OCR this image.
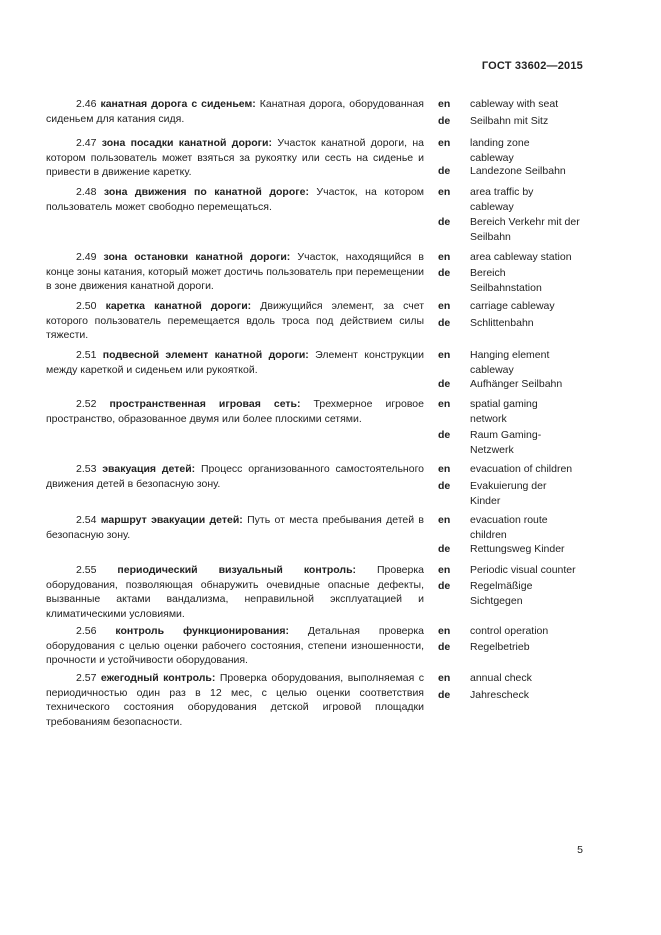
ГОСТ 33602—2015
2.46 канатная дорога с сиденьем: Канатная дорога, оборудованная сиденьем для катания сидя.
en	cableway with seat
de	Seilbahn mit Sitz
2.47 зона посадки канатной дороги: Участок канатной дороги, на котором пользователь может взяться за рукоятку или сесть на сиденье и привести в движение каретку.
en	landing zone cableway
de	Landezone Seilbahn
2.48 зона движения по канатной дороге: Участок, на котором пользователь может свободно перемещаться.
en	area traffic by cableway
de	Bereich Verkehr mit der Seilbahn
2.49 зона остановки канатной дороги: Участок, находящийся в конце зоны катания, который может достичь пользователь при перемещении в зоне движения канатной дороги.
en	area cableway station
de	Bereich Seilbahnstation
2.50 каретка канатной дороги: Движущийся элемент, за счет которого пользователь перемещается вдоль троса под действием силы тяжести.
en	carriage cableway
de	Schlittenbahn
2.51 подвесной элемент канатной дороги: Элемент конструкции между кареткой и сиденьем или рукояткой.
en	Hanging element cableway
de	Aufhänger Seilbahn
2.52 пространственная игровая сеть: Трехмерное игровое пространство, образованное двумя или более плоскими сетями.
en	spatial gaming network
de	Raum Gaming-Netzwerk
2.53 эвакуация детей: Процесс организованного самостоятельного движения детей в безопасную зону.
en	evacuation of children
de	Evakuierung der Kinder
2.54 маршрут эвакуации детей: Путь от места пребывания детей в безопасную зону.
en	evacuation route children
de	Rettungsweg Kinder
2.55 периодический визуальный контроль: Проверка оборудования, позволяющая обнаружить очевидные опасные дефекты, вызванные актами вандализма, неправильной эксплуатацией и климатическими условиями.
en	Periodic visual counter
de	Regelmäßige Sichtgegen
2.56 контроль функционирования: Детальная проверка оборудования с целью оценки рабочего состояния, степени изношенности, прочности и устойчивости оборудования.
en	control operation
de	Regelbetrieb
2.57 ежегодный контроль: Проверка оборудования, выполняемая с периодичностью один раз в 12 мес, с целью оценки соответствия технического состояния оборудования детской игровой площадки требованиям безопасности.
en	annual check
de	Jahrescheck
5
